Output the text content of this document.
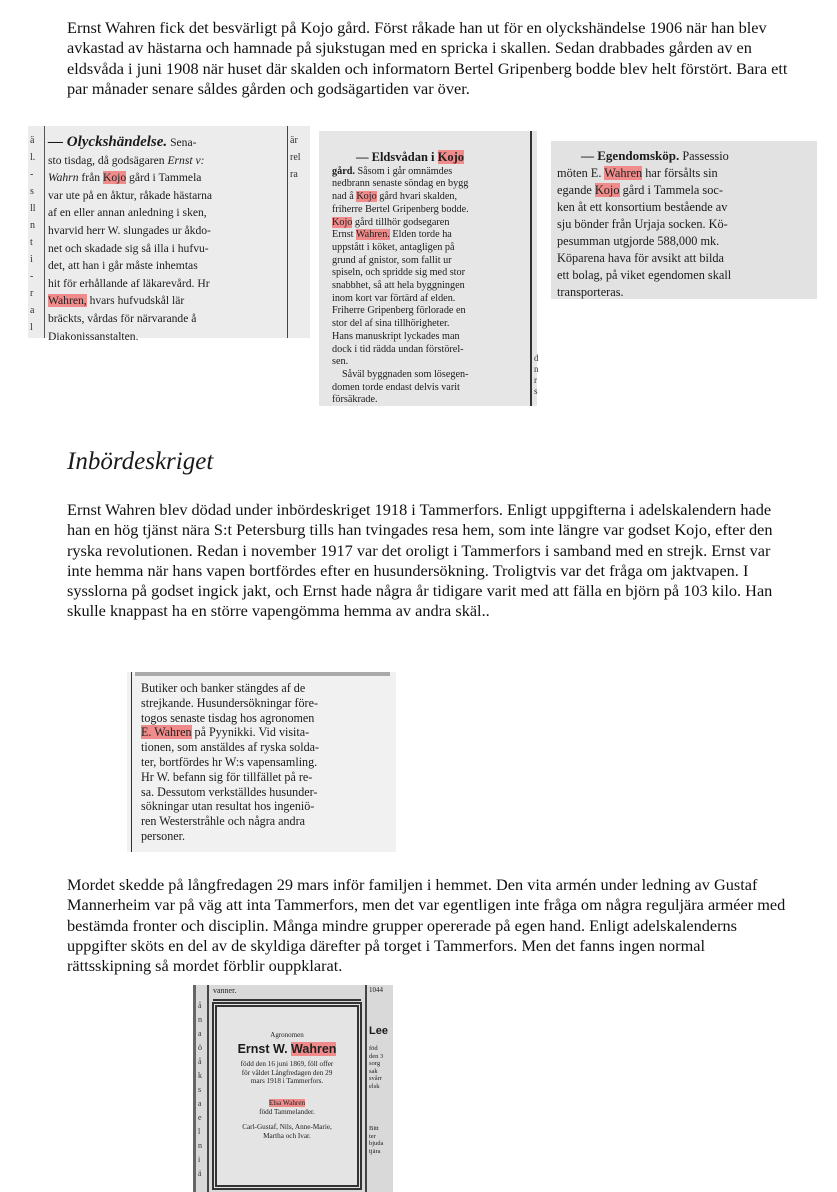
Ernst Wahren fick det besvärligt på Kojo gård. Först råkade han ut för en olyckshändelse 1906 när han blev avkastad av hästarna och hamnade på sjukstugan med en spricka i skallen. Sedan drabbades gården av en eldsvåda i juni 1908 när huset där skalden och informatorn Bertel Gripenberg bodde blev helt förstört. Bara ett par månader senare såldes gården och godsägartiden var över.

ä
l.
-
s
ll
n
t
i
-
r
a
l
— Olyckshändelse. Sena-
sto tisdag, då godsägaren Ernst v:
Wahrn från Kojo gård i Tammela
var ute på en åktur, råkade hästarna
af en eller annan anledning i sken,
hvarvid herr W. slungades ur åkdo-
net och skadade sig så illa i hufvu-
det, att han i går måste inhemtas
hit för erhållande af läkarevård. Hr
Wahren, hvars hufvudskål lär
bräckts, vårdas för närvarande å
Diakonissanstalten.
är
rel
ra

d
n
r
s
— Eldsvådan i Kojo
gård. Såsom i går omnämdes
nedbrann senaste söndag en bygg
nad å Kojo gård hvari skalden,
friherre Bertel Gripenberg bodde.
Kojo gård tillhör godsegaren
Ernst Wahren. Elden torde ha
uppstått i köket, antagligen på
grund af gnistor, som fallit ur
spiseln, och spridde sig med stor
snabbhet, så att hela byggningen
inom kort var förtärd af elden.
Friherre Gripenberg förlorade en
stor del af sina tillhörigheter.
Hans manuskript lyckades man
dock i tid rädda undan förstörel-
sen.
Såväl byggnaden som lösegen-
domen torde endast delvis varit
försäkrade.
— Egendomsköp. Passessio
möten E. Wahren har försålts sin
egande Kojo gård i Tammela soc-
ken åt ett konsortium bestående av
sju bönder från Urjaja socken. Kö-
pesumman utgjorde 588,000 mk.
Köparena hava för avsikt att bilda
ett bolag, på viket egendomen skall
transporteras.
Inbördeskriget

Ernst Wahren blev dödad under inbördeskriget 1918 i Tammerfors. Enligt uppgifterna i adelskalendern hade han en hög tjänst nära S:t Petersburg tills han tvingades resa hem, som inte längre var godset Kojo, efter den ryska revolutionen. Redan i november 1917 var det oroligt i Tammerfors i samband med en strejk. Ernst var inte hemma när hans vapen bortfördes efter en husundersökning. Troligtvis var det fråga om jaktvapen. I sysslorna på godset ingick jakt, och Ernst hade några år tidigare varit med att fälla en björn på 103 kilo. Han skulle knappast ha en större vapengömma hemma av andra skäl..

Butiker och banker stängdes af de
strejkande. Husundersökningar före-
togos senaste tisdag hos agronomen
E. Wahren på Pyynikki. Vid visita-
tionen, som anstäldes af ryska solda-
ter, bortfördes hr W:s vapensamling.
Hr W. befann sig för tillfället på re-
sa. Dessutom verkställdes husunder-
sökningar utan resultat hos ingeniö-
ren Westerstråhle och några andra
personer.

Mordet skedde på långfredagen 29 mars inför familjen i hemmet. Den vita armén under ledning av Gustaf Mannerheim var på väg att inta Tammerfors, men det var egentligen inte fråga om några reguljära arméer med bestämda fronter och disciplin. Många mindre grupper opererade på egen hand. Enligt adelskalenderns uppgifter sköts en del av de skyldiga därefter på torget i Tammerfors. Men det fanns ingen normal rättsskipning så mordet förblir ouppklarat.

å
n
a
ö
å
k
s
a
e
l
n
i
ä
vanner.	1044
Agronomen
Ernst W. Wahren
född den 16 juni 1869, föll offer
för våldet Långfredagen den 29
mars 1918 i Tammerfors.
Elsa Wahren
född Tammelander.
Carl-Gustaf, Nils, Anne-Marie,
Martha och Ivar.
Lee
föd
den 3
sorg
sak
svårr
elsk
Bitt
ter
bjuda
tjära
